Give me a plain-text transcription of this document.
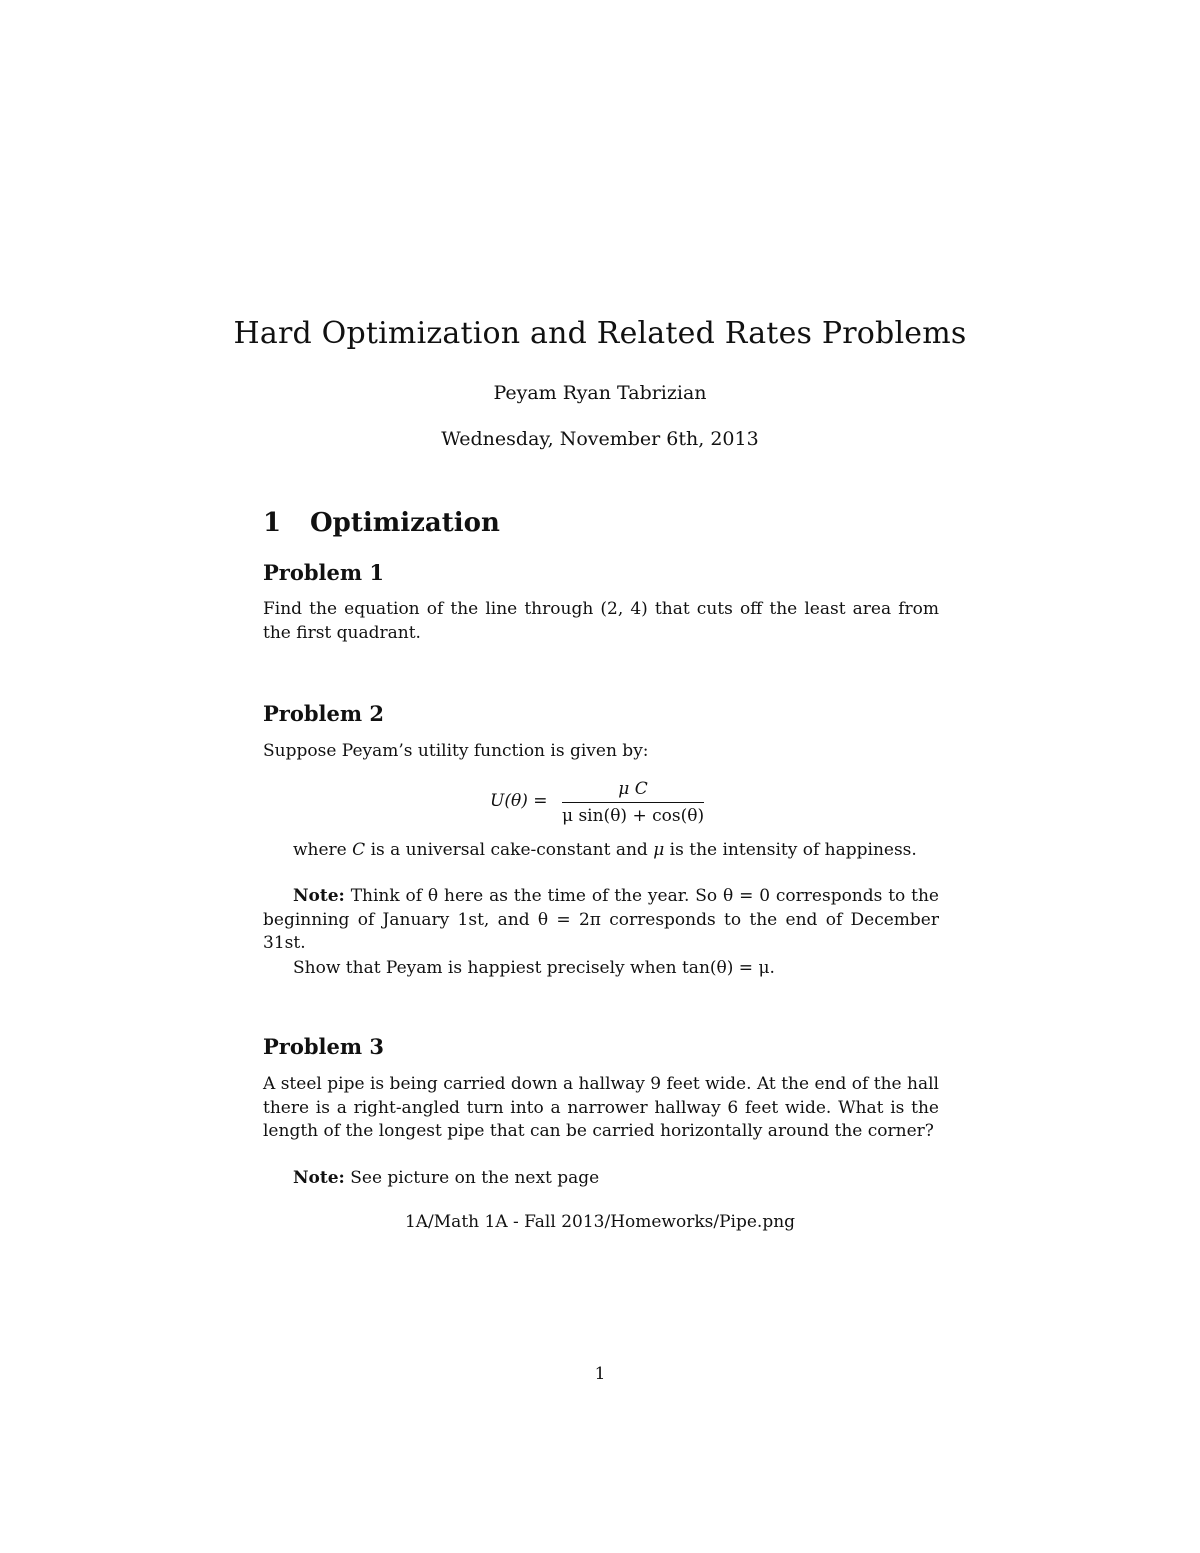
Hard Optimization and Related Rates Problems
Peyam Ryan Tabrizian
Wednesday, November 6th, 2013
1 Optimization
Problem 1
Find the equation of the line through (2, 4) that cuts off the least area from the first quadrant.
Problem 2
Suppose Peyam’s utility function is given by:
U(θ) =
μ C
μ sin(θ) + cos(θ)
where C is a universal cake-constant and μ is the intensity of happiness.
Note: Think of θ here as the time of the year. So θ = 0 corresponds to the beginning of January 1st, and θ = 2π corresponds to the end of December 31st.
Show that Peyam is happiest precisely when tan(θ) = μ.
Problem 3
A steel pipe is being carried down a hallway 9 feet wide. At the end of the hall there is a right-angled turn into a narrower hallway 6 feet wide. What is the length of the longest pipe that can be carried horizontally around the corner?
Note: See picture on the next page
1A/Math 1A - Fall 2013/Homeworks/Pipe.png
1
